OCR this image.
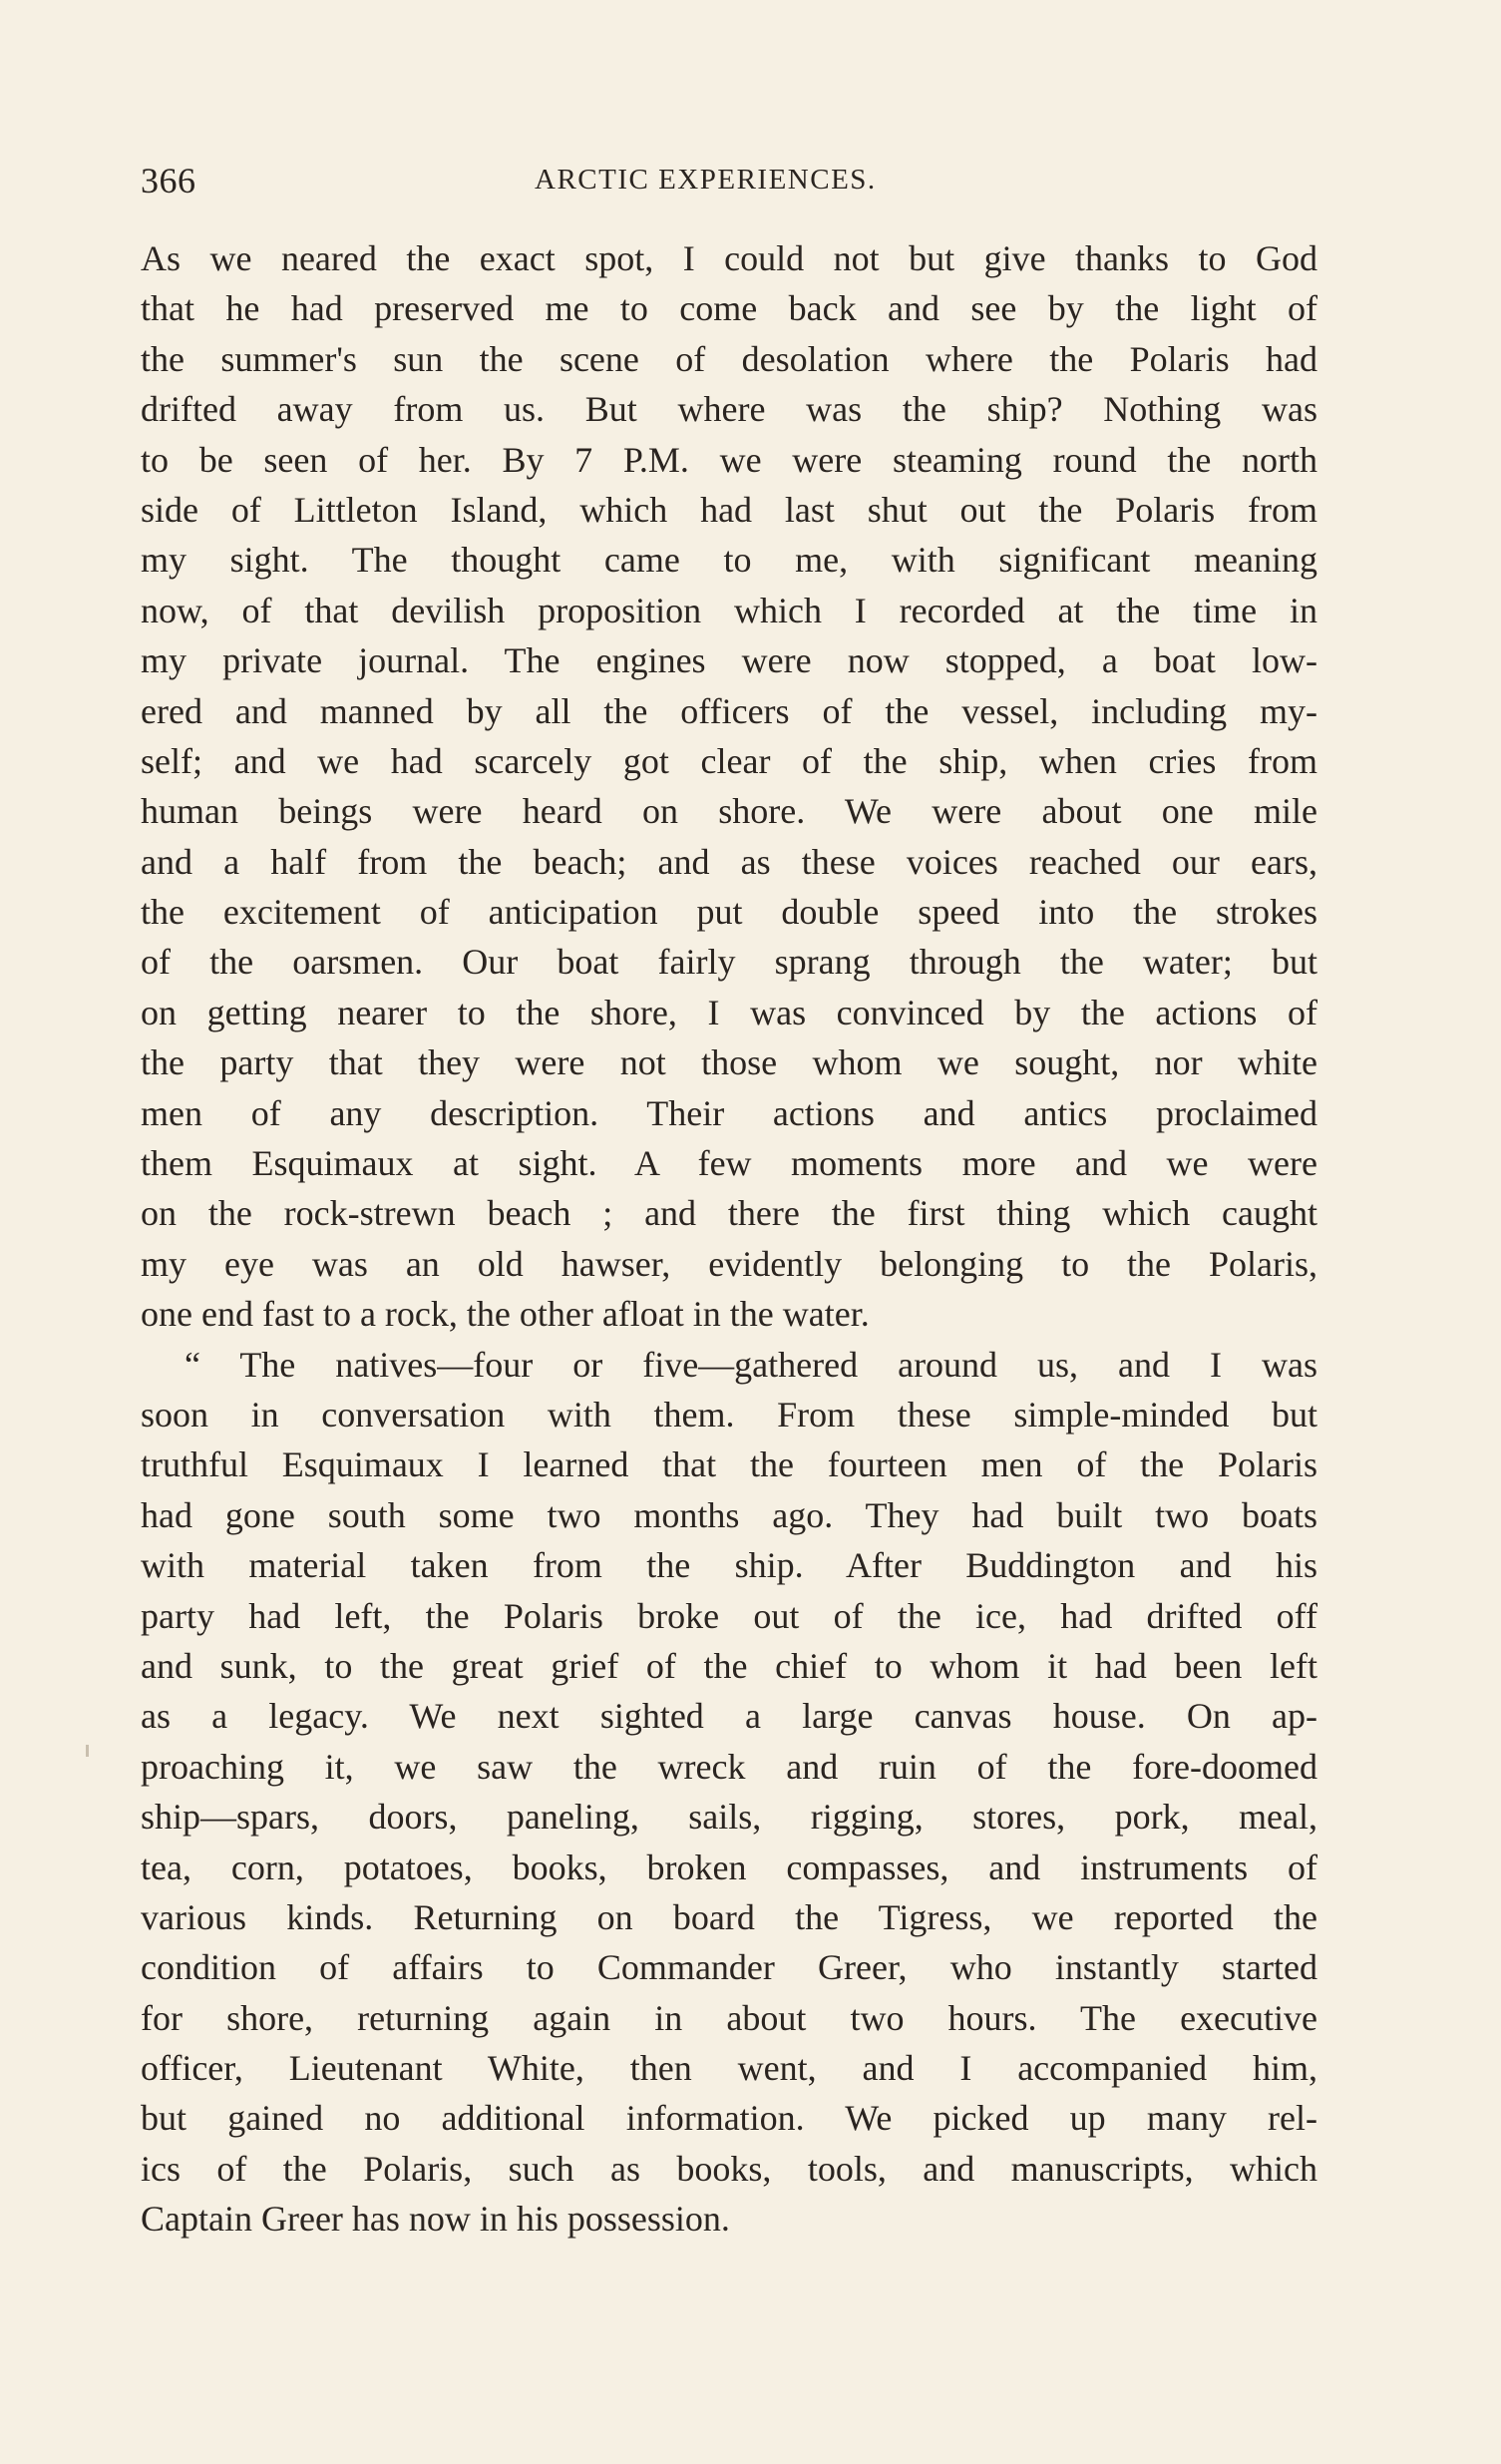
366	ARCTIC EXPERIENCES.
As we neared the exact spot, I could not but give thanks to God
that he had preserved me to come back and see by the light of
the summer's sun the scene of desolation where the Polaris had
drifted away from us. But where was the ship? Nothing was
to be seen of her. By 7 P.M. we were steaming round the north
side of Littleton Island, which had last shut out the Polaris from
my sight. The thought came to me, with significant meaning
now, of that devilish proposition which I recorded at the time in
my private journal. The engines were now stopped, a boat low-
ered and manned by all the officers of the vessel, including my-
self; and we had scarcely got clear of the ship, when cries from
human beings were heard on shore. We were about one mile
and a half from the beach; and as these voices reached our ears,
the excitement of anticipation put double speed into the strokes
of the oarsmen. Our boat fairly sprang through the water; but
on getting nearer to the shore, I was convinced by the actions of
the party that they were not those whom we sought, nor white
men of any description. Their actions and antics proclaimed
them Esquimaux at sight. A few moments more and we were
on the rock-strewn beach ; and there the first thing which caught
my eye was an old hawser, evidently belonging to the Polaris,
one end fast to a rock, the other afloat in the water.
“ The natives—four or five—gathered around us, and I was
soon in conversation with them. From these simple-minded but
truthful Esquimaux I learned that the fourteen men of the Polaris
had gone south some two months ago. They had built two boats
with material taken from the ship. After Buddington and his
party had left, the Polaris broke out of the ice, had drifted off
and sunk, to the great grief of the chief to whom it had been left
as a legacy. We next sighted a large canvas house. On ap-
proaching it, we saw the wreck and ruin of the fore-doomed
ship—spars, doors, paneling, sails, rigging, stores, pork, meal,
tea, corn, potatoes, books, broken compasses, and instruments of
various kinds. Returning on board the Tigress, we reported the
condition of affairs to Commander Greer, who instantly started
for shore, returning again in about two hours. The executive
officer, Lieutenant White, then went, and I accompanied him,
but gained no additional information. We picked up many rel-
ics of the Polaris, such as books, tools, and manuscripts, which
Captain Greer has now in his possession.
